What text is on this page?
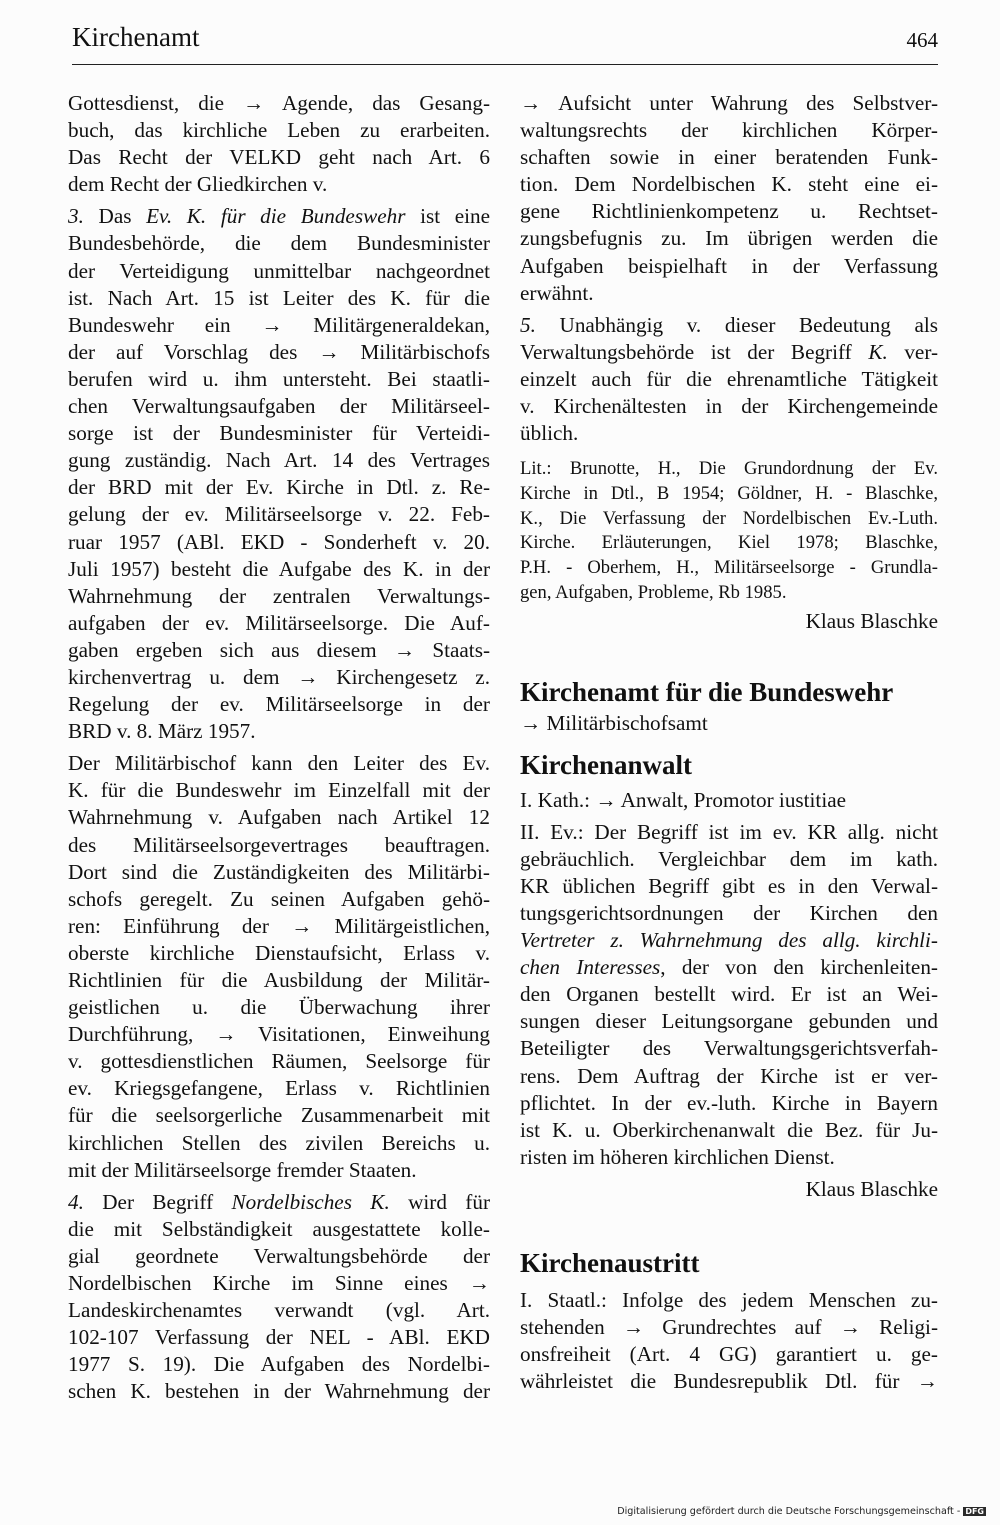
Kirchenamt	464
Gottesdienst, die → Agende, das Gesang-
buch, das kirchliche Leben zu erarbeiten.
Das Recht der VELKD geht nach Art. 6
dem Recht der Gliedkirchen v.
3. Das Ev. K. für die Bundeswehr ist eine
Bundesbehörde, die dem Bundesminister
der Verteidigung unmittelbar nachgeordnet
ist. Nach Art. 15 ist Leiter des K. für die
Bundeswehr ein → Militärgeneraldekan,
der auf Vorschlag des → Militärbischofs
berufen wird u. ihm untersteht. Bei staatli-
chen Verwaltungsaufgaben der Militärseel-
sorge ist der Bundesminister für Verteidi-
gung zuständig. Nach Art. 14 des Vertrages
der BRD mit der Ev. Kirche in Dtl. z. Re-
gelung der ev. Militärseelsorge v. 22. Feb-
ruar 1957 (ABl. EKD - Sonderheft v. 20.
Juli 1957) besteht die Aufgabe des K. in der
Wahrnehmung der zentralen Verwaltungs-
aufgaben der ev. Militärseelsorge. Die Auf-
gaben ergeben sich aus diesem → Staats-
kirchenvertrag u. dem → Kirchengesetz z.
Regelung der ev. Militärseelsorge in der
BRD v. 8. März 1957.
Der Militärbischof kann den Leiter des Ev.
K. für die Bundeswehr im Einzelfall mit der
Wahrnehmung v. Aufgaben nach Artikel 12
des Militärseelsorgevertrages beauftragen.
Dort sind die Zuständigkeiten des Militärbi-
schofs geregelt. Zu seinen Aufgaben gehö-
ren: Einführung der → Militärgeistlichen,
oberste kirchliche Dienstaufsicht, Erlass v.
Richtlinien für die Ausbildung der Militär-
geistlichen u. die Überwachung ihrer
Durchführung, → Visitationen, Einweihung
v. gottesdienstlichen Räumen, Seelsorge für
ev. Kriegsgefangene, Erlass v. Richtlinien
für die seelsorgerliche Zusammenarbeit mit
kirchlichen Stellen des zivilen Bereichs u.
mit der Militärseelsorge fremder Staaten.
4. Der Begriff Nordelbisches K. wird für
die mit Selbständigkeit ausgestattete kolle-
gial geordnete Verwaltungsbehörde der
Nordelbischen Kirche im Sinne eines →
Landeskirchenamtes verwandt (vgl. Art.
102-107 Verfassung der NEL - ABl. EKD
1977 S. 19). Die Aufgaben des Nordelbi-
schen K. bestehen in der Wahrnehmung der
→ Aufsicht unter Wahrung des Selbstver-
waltungsrechts der kirchlichen Körper-
schaften sowie in einer beratenden Funk-
tion. Dem Nordelbischen K. steht eine ei-
gene Richtlinienkompetenz u. Rechtset-
zungsbefugnis zu. Im übrigen werden die
Aufgaben beispielhaft in der Verfassung
erwähnt.
5. Unabhängig v. dieser Bedeutung als
Verwaltungsbehörde ist der Begriff K. ver-
einzelt auch für die ehrenamtliche Tätigkeit
v. Kirchenältesten in der Kirchengemeinde
üblich.
Lit.: Brunotte, H., Die Grundordnung der Ev.
Kirche in Dtl., B 1954; Göldner, H. - Blaschke,
K., Die Verfassung der Nordelbischen Ev.-Luth.
Kirche. Erläuterungen, Kiel 1978; Blaschke,
P.H. - Oberhem, H., Militärseelsorge - Grundla-
gen, Aufgaben, Probleme, Rb 1985.
Klaus Blaschke
Kirchenamt für die Bundeswehr
→ Militärbischofsamt
Kirchenanwalt
I. Kath.: → Anwalt, Promotor iustitiae
II. Ev.: Der Begriff ist im ev. KR allg. nicht
gebräuchlich. Vergleichbar dem im kath.
KR üblichen Begriff gibt es in den Verwal-
tungsgerichtsordnungen der Kirchen den
Vertreter z. Wahrnehmung des allg. kirchli-
chen Interesses, der von den kirchenleiten-
den Organen bestellt wird. Er ist an Wei-
sungen dieser Leitungsorgane gebunden und
Beteiligter des Verwaltungsgerichtsverfah-
rens. Dem Auftrag der Kirche ist er ver-
pflichtet. In der ev.-luth. Kirche in Bayern
ist K. u. Oberkirchenanwalt die Bez. für Ju-
risten im höheren kirchlichen Dienst.
Klaus Blaschke
Kirchenaustritt
I. Staatl.: Infolge des jedem Menschen zu-
stehenden → Grundrechtes auf → Religi-
onsfreiheit (Art. 4 GG) garantiert u. ge-
währleistet die Bundesrepublik Dtl. für →
Digitalisierung gefördert durch die Deutsche Forschungsgemeinschaft - DFG
